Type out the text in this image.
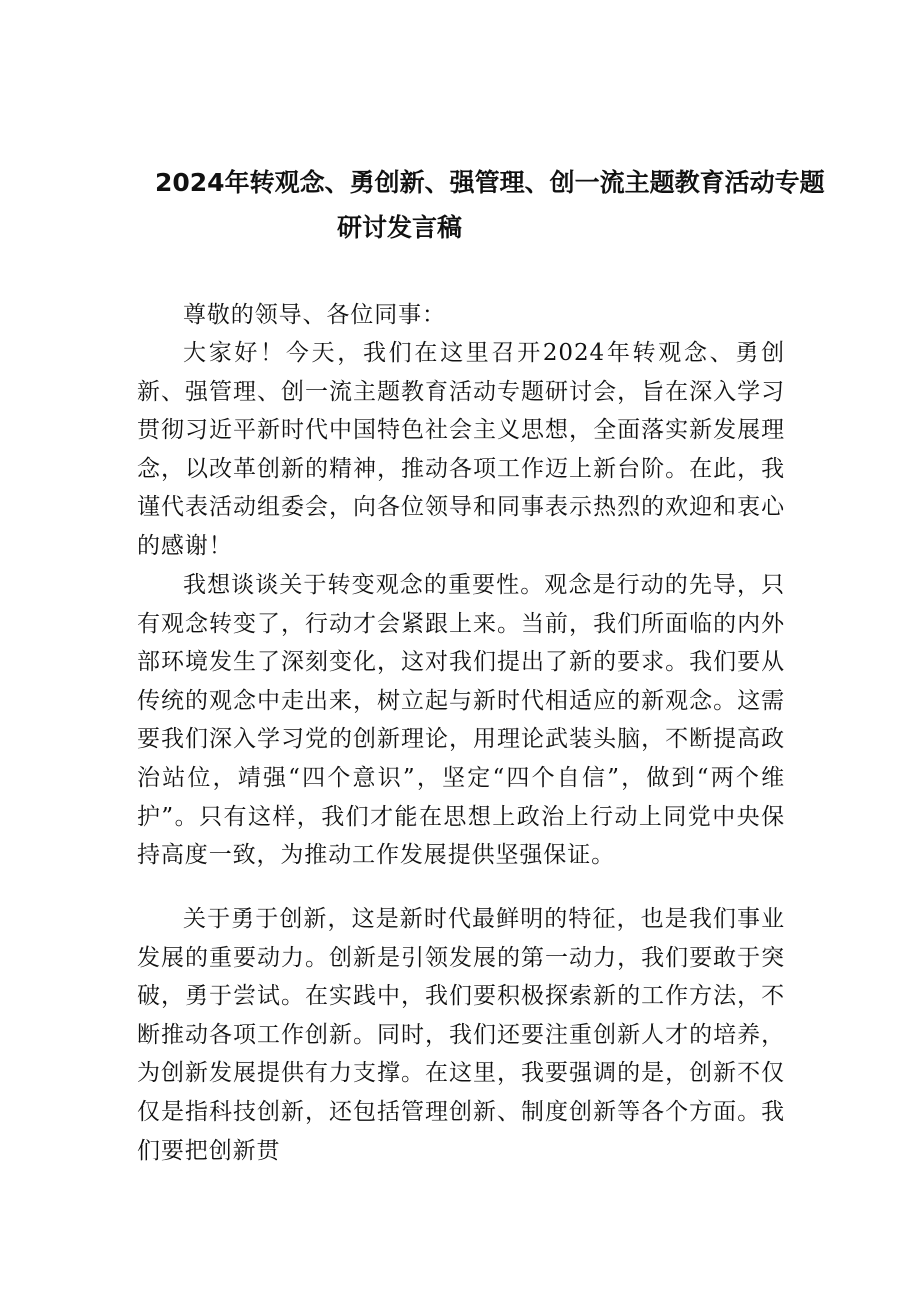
2024年转观念、勇创新、强管理、创一流主题教育活动专题
研讨发言稿
尊敬的领导、各位同事：

大家好！今天，我们在这里召开2024年转观念、勇创新、强管理、创一流主题教育活动专题研讨会，旨在深入学习贯彻习近平新时代中国特色社会主义思想，全面落实新发展理念，以改革创新的精神，推动各项工作迈上新台阶。在此，我谨代表活动组委会，向各位领导和同事表示热烈的欢迎和衷心的感谢！

我想谈谈关于转变观念的重要性。观念是行动的先导，只有观念转变了，行动才会紧跟上来。当前，我们所面临的内外部环境发生了深刻变化，这对我们提出了新的要求。我们要从传统的观念中走出来，树立起与新时代相适应的新观念。这需要我们深入学习党的创新理论，用理论武装头脑，不断提高政治站位，靖强“四个意识”，坚定“四个自信”，做到“两个维护”。只有这样，我们才能在思想上政治上行动上同党中央保持高度一致，为推动工作发展提供坚强保证。

关于勇于创新，这是新时代最鲜明的特征，也是我们事业发展的重要动力。创新是引领发展的第一动力，我们要敢于突破，勇于尝试。在实践中，我们要积极探索新的工作方法，不断推动各项工作创新。同时，我们还要注重创新人才的培养，为创新发展提供有力支撑。在这里，我要强调的是，创新不仅仅是指科技创新，还包括管理创新、制度创新等各个方面。我们要把创新贯
